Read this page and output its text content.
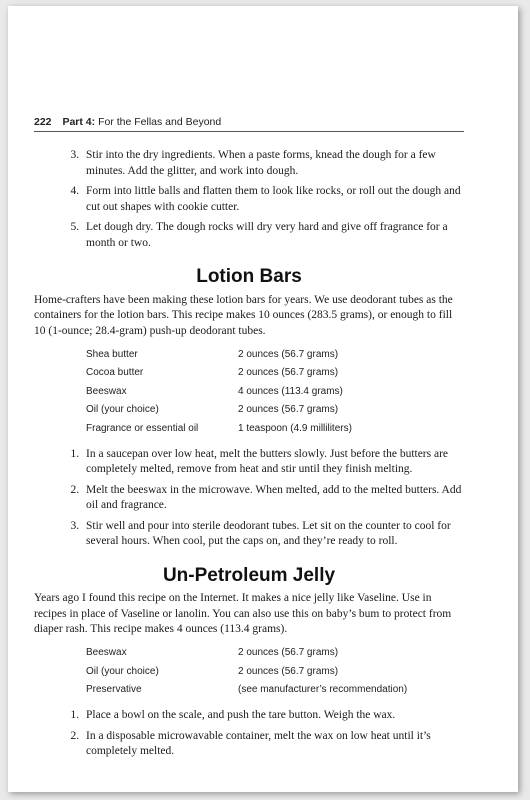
222 Part 4: For the Fellas and Beyond
3. Stir into the dry ingredients. When a paste forms, knead the dough for a few minutes. Add the glitter, and work into dough.
4. Form into little balls and flatten them to look like rocks, or roll out the dough and cut out shapes with cookie cutter.
5. Let dough dry. The dough rocks will dry very hard and give off fragrance for a month or two.
Lotion Bars

Home-crafters have been making these lotion bars for years. We use deodorant tubes as the containers for the lotion bars. This recipe makes 10 ounces (283.5 grams), or enough to fill 10 (1-ounce; 28.4-gram) push-up deodorant tubes.

Shea butter	2 ounces (56.7 grams)
Cocoa butter	2 ounces (56.7 grams)
Beeswax	4 ounces (113.4 grams)
Oil (your choice)	2 ounces (56.7 grams)
Fragrance or essential oil	1 teaspoon (4.9 milliliters)
1. In a saucepan over low heat, melt the butters slowly. Just before the butters are completely melted, remove from heat and stir until they finish melting.
2. Melt the beeswax in the microwave. When melted, add to the melted butters. Add oil and fragrance.
3. Stir well and pour into sterile deodorant tubes. Let sit on the counter to cool for several hours. When cool, put the caps on, and they’re ready to roll.
Un-Petroleum Jelly

Years ago I found this recipe on the Internet. It makes a nice jelly like Vaseline. Use in recipes in place of Vaseline or lanolin. You can also use this on baby’s bum to protect from diaper rash. This recipe makes 4 ounces (113.4 grams).

Beeswax	2 ounces (56.7 grams)
Oil (your choice)	2 ounces (56.7 grams)
Preservative	(see manufacturer’s recommendation)
1. Place a bowl on the scale, and push the tare button. Weigh the wax.
2. In a disposable microwavable container, melt the wax on low heat until it’s completely melted.
